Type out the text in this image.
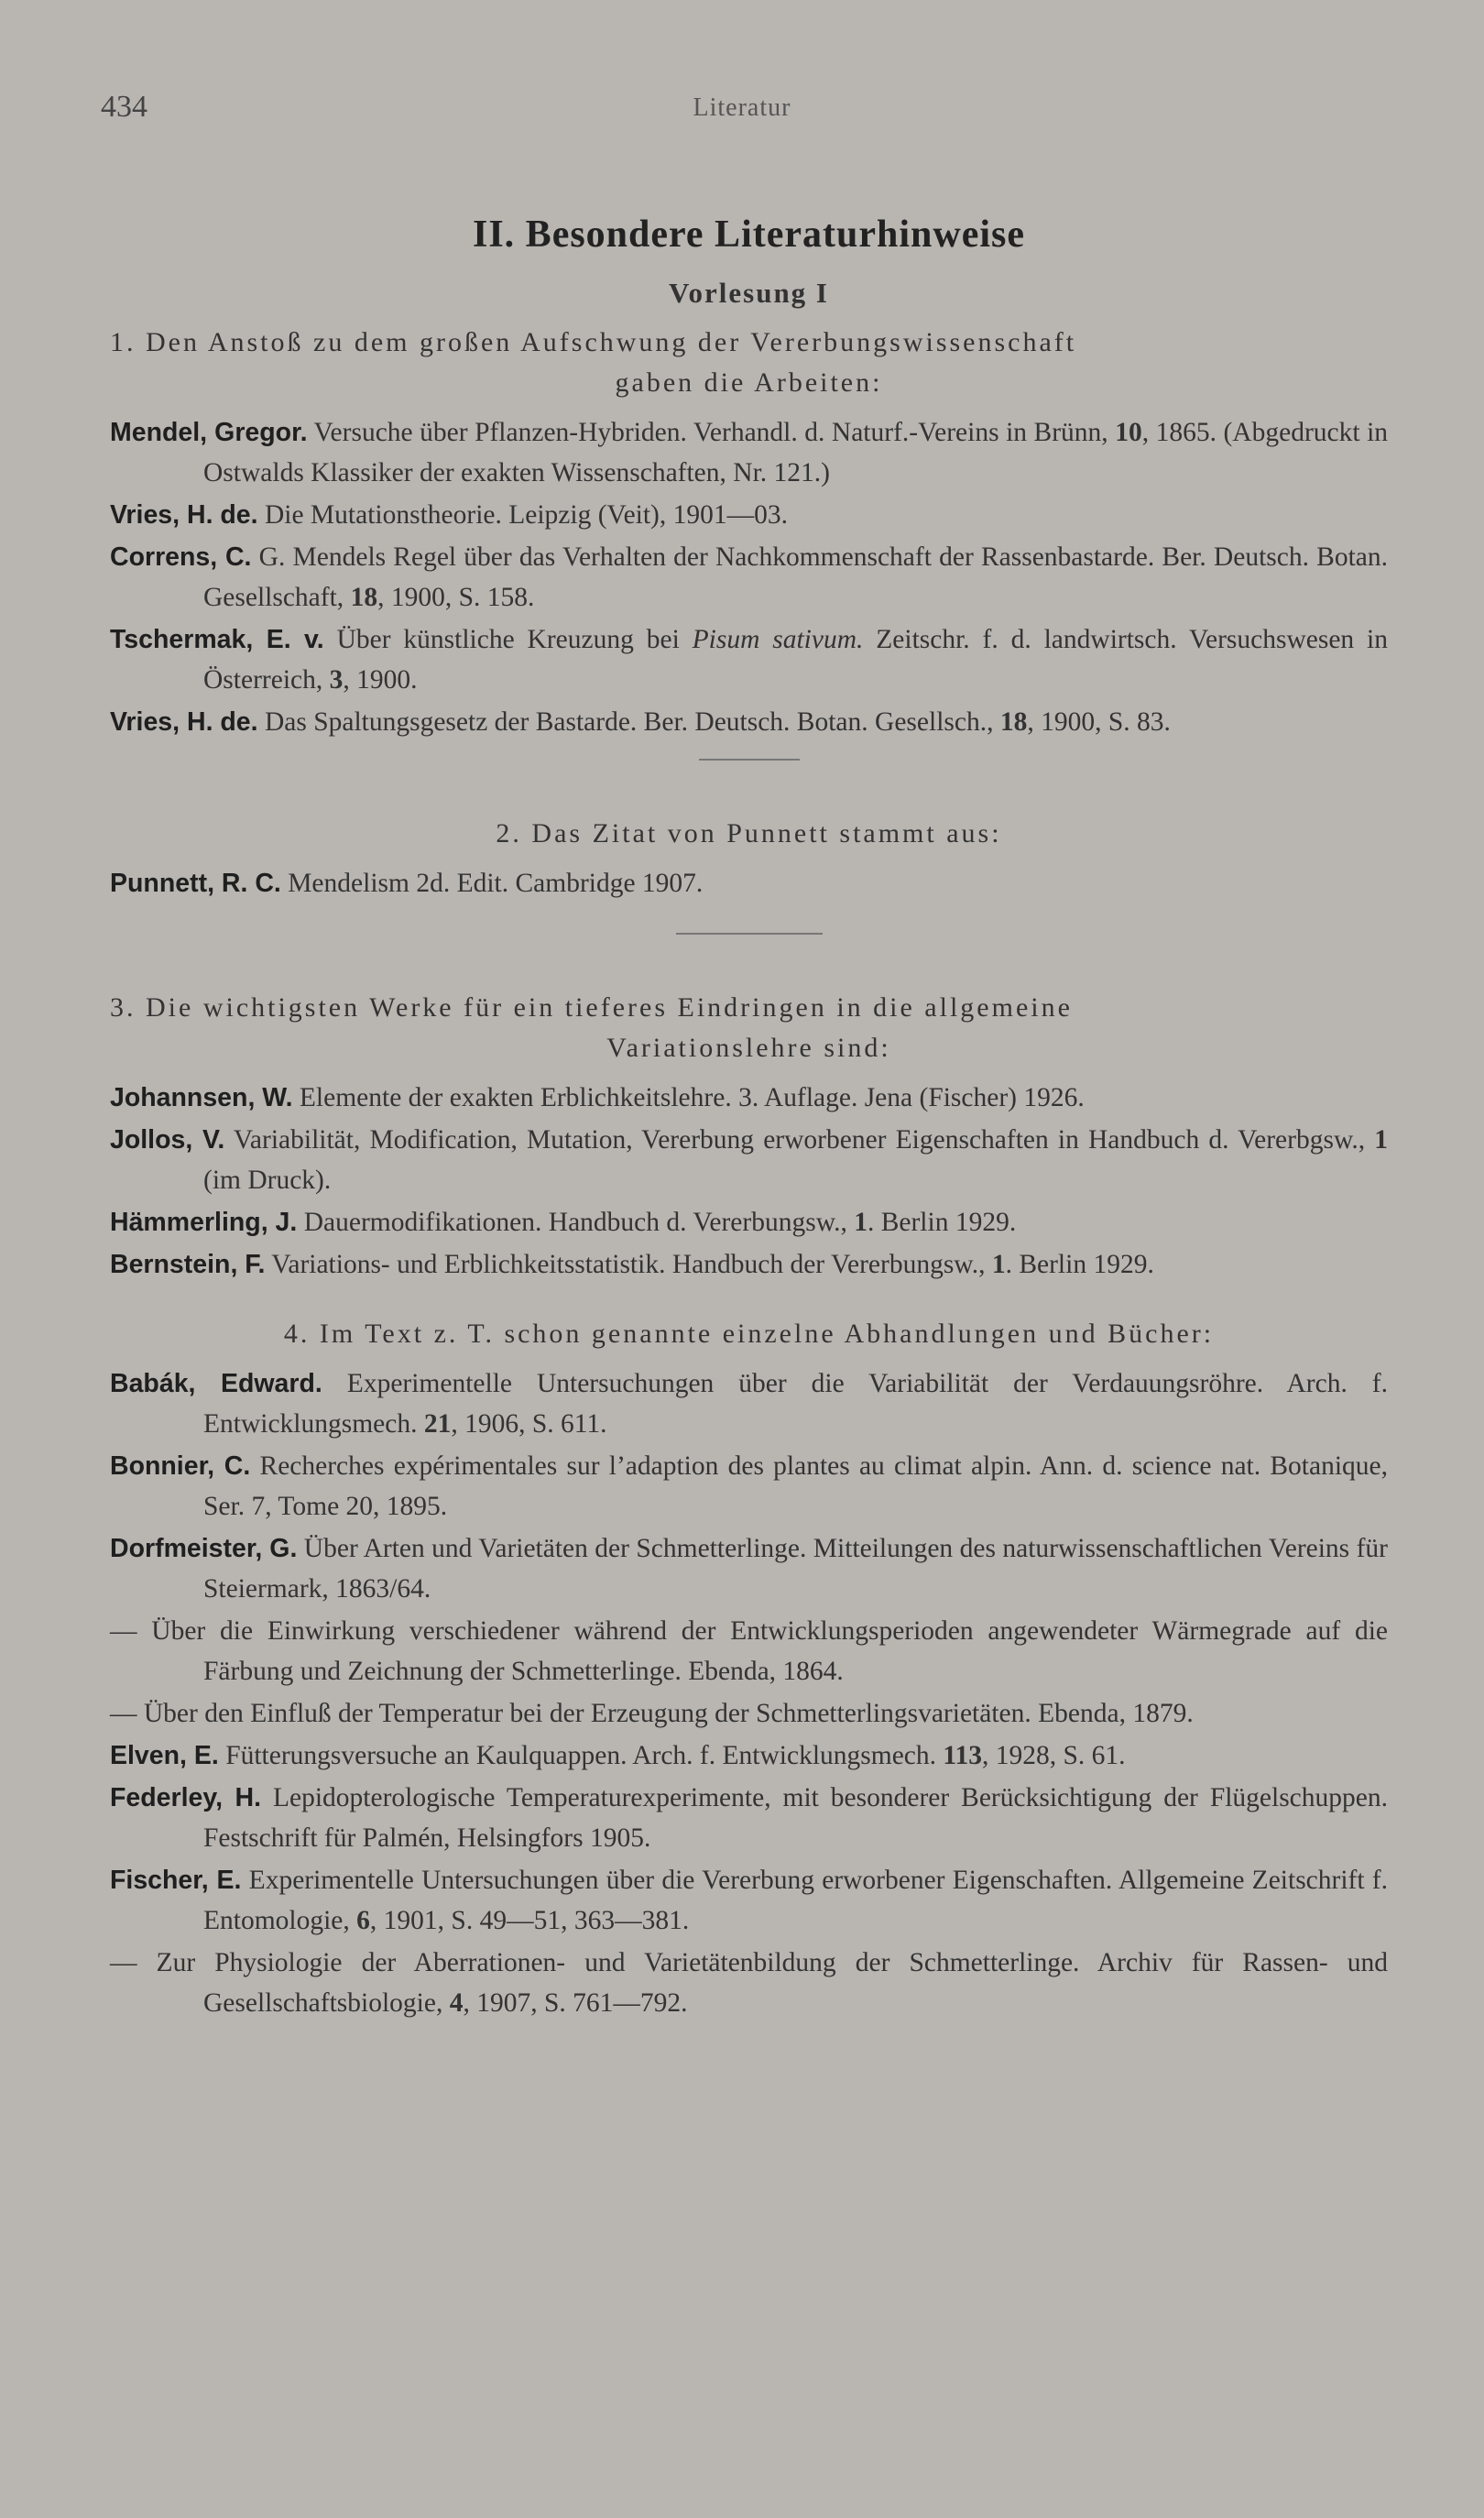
434	Literatur
II. Besondere Literaturhinweise
Vorlesung I
1. Den Anstoß zu dem großen Aufschwung der Vererbungswissenschaft
gaben die Arbeiten:

Mendel, Gregor. Versuche über Pflanzen-Hybriden. Verhandl. d. Naturf.-Vereins in Brünn, 10, 1865. (Abgedruckt in Ostwalds Klassiker der exakten Wissenschaften, Nr. 121.)

Vries, H. de. Die Mutationstheorie. Leipzig (Veit), 1901—03.

Correns, C. G. Mendels Regel über das Verhalten der Nachkommenschaft der Rassenbastarde. Ber. Deutsch. Botan. Gesellschaft, 18, 1900, S. 158.

Tschermak, E. v. Über künstliche Kreuzung bei Pisum sativum. Zeitschr. f. d. landwirtsch. Versuchswesen in Österreich, 3, 1900.

Vries, H. de. Das Spaltungsgesetz der Bastarde. Ber. Deutsch. Botan. Gesellsch., 18, 1900, S. 83.

2. Das Zitat von Punnett stammt aus:

Punnett, R. C. Mendelism 2d. Edit. Cambridge 1907.

3. Die wichtigsten Werke für ein tieferes Eindringen in die allgemeine
Variationslehre sind:

Johannsen, W. Elemente der exakten Erblichkeitslehre. 3. Auflage. Jena (Fischer) 1926.

Jollos, V. Variabilität, Modification, Mutation, Vererbung erworbener Eigenschaften in Handbuch d. Vererbgsw., 1 (im Druck).

Hämmerling, J. Dauermodifikationen. Handbuch d. Vererbungsw., 1. Berlin 1929.

Bernstein, F. Variations- und Erblichkeitsstatistik. Handbuch der Vererbungsw., 1. Berlin 1929.

4. Im Text z. T. schon genannte einzelne Abhandlungen und Bücher:

Babák, Edward. Experimentelle Untersuchungen über die Variabilität der Verdauungsröhre. Arch. f. Entwicklungsmech. 21, 1906, S. 611.

Bonnier, C. Recherches expérimentales sur l’adaption des plantes au climat alpin. Ann. d. science nat. Botanique, Ser. 7, Tome 20, 1895.

Dorfmeister, G. Über Arten und Varietäten der Schmetterlinge. Mitteilungen des naturwissenschaftlichen Vereins für Steiermark, 1863/64.

— Über die Einwirkung verschiedener während der Entwicklungsperioden angewendeter Wärmegrade auf die Färbung und Zeichnung der Schmetterlinge. Ebenda, 1864.

— Über den Einfluß der Temperatur bei der Erzeugung der Schmetterlingsvarietäten. Ebenda, 1879.

Elven, E. Fütterungsversuche an Kaulquappen. Arch. f. Entwicklungsmech. 113, 1928, S. 61.

Federley, H. Lepidopterologische Temperaturexperimente, mit besonderer Berücksichtigung der Flügelschuppen. Festschrift für Palmén, Helsingfors 1905.

Fischer, E. Experimentelle Untersuchungen über die Vererbung erworbener Eigenschaften. Allgemeine Zeitschrift f. Entomologie, 6, 1901, S. 49—51, 363—381.

— Zur Physiologie der Aberrationen- und Varietätenbildung der Schmetterlinge. Archiv für Rassen- und Gesellschaftsbiologie, 4, 1907, S. 761—792.
